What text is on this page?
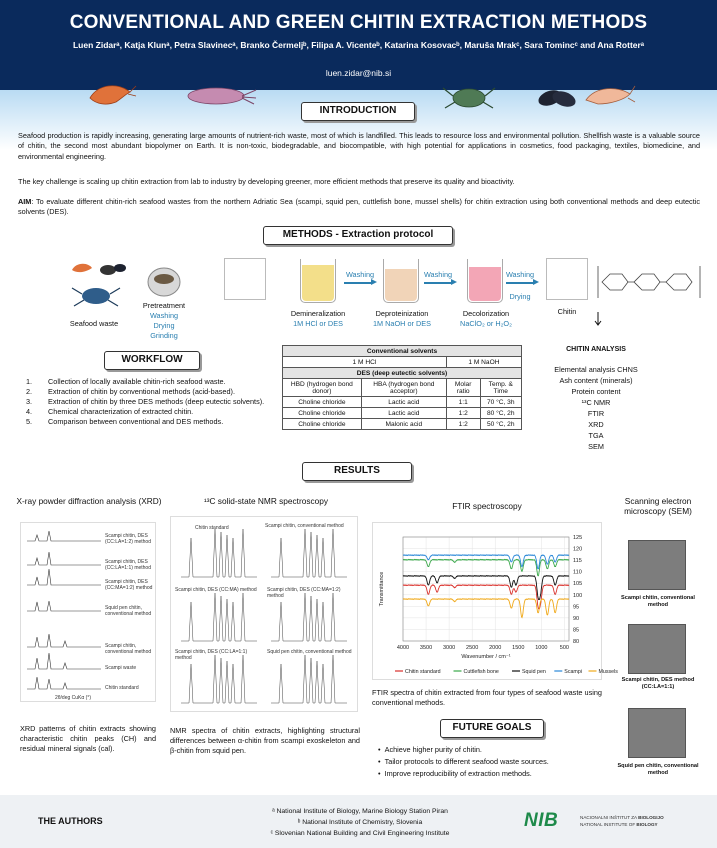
CONVENTIONAL AND GREEN CHITIN EXTRACTION METHODS
Luen Zidarᵃ, Katja Klunᵃ, Petra Slavinecᵃ, Branko Čermeljᵇ, Filipa A. Vicenteᵇ, Katarina Kosovacᵇ, Maruša Mrakᶜ, Sara Tomincᶜ and Ana Rotterᵃ
luen.zidar@nib.si
INTRODUCTION
Seafood production is rapidly increasing, generating large amounts of nutrient-rich waste, most of which is landfilled. This leads to resource loss and environmental pollution. Shellfish waste is a valuable source of chitin, the second most abundant biopolymer on Earth. It is non-toxic, biodegradable, and biocompatible, with high potential for applications in cosmetics, food packaging, textiles, biomedicine, and environmental engineering.
The key challenge is scaling up chitin extraction from lab to industry by developing greener, more efficient methods that preserve its quality and bioactivity.
AIM: To evaluate different chitin-rich seafood wastes from the northern Adriatic Sea (scampi, squid pen, cuttlefish bone, mussel shells) for chitin extraction using both conventional methods and deep eutectic solvents (DES).
METHODS - Extraction protocol
Seafood waste
Pretreatment
Washing
Drying
Grinding
Demineralization
1M HCl or DES
Washing
Deproteinization
1M NaOH or DES
Washing
Decolorization
NaClO₂ or H₂O₂
Washing
Drying
Chitin
WORKFLOW
1.	Collection of locally available chitin-rich seafood waste.
2.	Extraction of chitin by conventional methods (acid-based).
3.	Extraction of chitin by three DES methods (deep eutectic solvents).
4.	Chemical characterization of extracted chitin.
5.	Comparison between conventional and DES methods.
Conventional solvents			
1 M HCl		1 M NaOH	
DES (deep eutectic solvents)			
HBD (hydrogen bond donor)	HBA (hydrogen bond acceptor)	Molar ratio	Temp. & Time
Choline chloride	Lactic acid	1:1	70 °C, 3h
Choline chloride	Lactic acid	1:2	80 °C, 2h
Choline chloride	Malonic acid	1:2	50 °C, 2h
CHITIN ANALYSIS
Elemental analysis CHNS
Ash content (minerals)
Protein content
¹³C NMR
FTIR
XRD
TGA
SEM
RESULTS
X-ray powder diffraction analysis (XRD)
Scampi chitin, DES (CC:LA=1:2) method
Scampi chitin, DES (CC:LA=1:1) method
Scampi chitin, DES (CC:MA=1:2) method
Squid pen chitin, conventional method
Scampi chitin, conventional method
Scampi waste
Chitin standard
2θ/deg CuKα (°)
XRD patterns of chitin extracts showing characteristic chitin peaks (CH) and residual mineral signals (cal).
¹³C solid-state NMR spectroscopy
Chitin standard	Scampi chitin, conventional method
Scampi chitin, DES (CC:MA) method	Scampi chitin, DES (CC:MA=1:2) method
Scampi chitin, DES (CC:LA=1:1) method
Squid pen chitin, conventional method
NMR spectra of chitin extracts, highlighting structural differences between α-chitin from scampi exoskeleton and β-chitin from squid pen.
FTIR spectroscopy
4000 3500 3000 2500 2000 1500 1000 500
80
85
90
95
100
105
110
115
120
125
Wavenumber / cm⁻¹
Transmittance
Chitin standard	Cuttlefish bone	Squid pen	Scampi	Mussels
FTIR spectra of chitin extracted from four types of seafood waste using conventional methods.
Scanning electron microscopy (SEM)
Scampi chitin, conventional method
Scampi chitin, DES method (CC:LA=1:1)
Squid pen chitin, conventional method
FUTURE GOALS
•  Achieve higher purity of chitin.
•  Tailor protocols to different seafood waste sources.
•  Improve reproducibility of extraction methods.
THE AUTHORS
ᵃ National Institute of Biology, Marine Biology Station Piran
ᵇ National Institute of Chemistry, Slovenia
ᶜ Slovenian National Building and Civil Engineering Institute
NIB	NACIONALNI INŠTITUT ZA BIOLOGIJO
NATIONAL INSTITUTE OF BIOLOGY
